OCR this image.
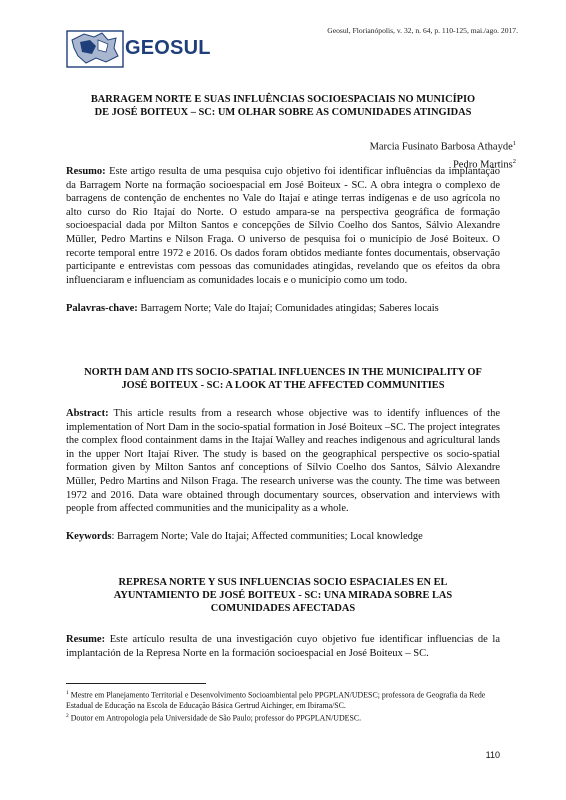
GEOSUL
Geosul, Florianópolis, v. 32, n. 64, p. 110-125, mai./ago. 2017.
BARRAGEM NORTE E SUAS INFLUÊNCIAS SOCIOESPACIAIS NO MUNICÍPIO
DE JOSÉ BOITEUX – SC: UM OLHAR SOBRE AS COMUNIDADES ATINGIDAS
Marcia Fusinato Barbosa Athayde$^1$
Pedro Martins$^2$
Resumo: Este artigo resulta de uma pesquisa cujo objetivo foi identificar influências da implantação da Barragem Norte na formação socioespacial em José Boiteux - SC. A obra integra o complexo de barragens de contenção de enchentes no Vale do Itajaí e atinge terras indígenas e de uso agrícola no alto curso do Rio Itajaí do Norte. O estudo ampara-se na perspectiva geográfica de formação socioespacial dada por Milton Santos e concepções de Sílvio Coelho dos Santos, Sálvio Alexandre Müller, Pedro Martins e Nilson Fraga. O universo de pesquisa foi o município de José Boiteux. O recorte temporal entre 1972 e 2016. Os dados foram obtidos mediante fontes documentais, observação participante e entrevistas com pessoas das comunidades atingidas, revelando que os efeitos da obra influenciaram e influenciam as comunidades locais e o município como um todo.
Palavras-chave: Barragem Norte; Vale do Itajaí; Comunidades atingidas; Saberes locais
NORTH DAM AND ITS SOCIO-SPATIAL INFLUENCES IN THE MUNICIPALITY OF
JOSÉ BOITEUX - SC: A LOOK AT THE AFFECTED COMMUNITIES
Abstract: This article results from a research whose objective was to identify influences of the implementation of Nort Dam in the socio-spatial formation in José Boiteux –SC. The project integrates the complex flood containment dams in the Itajaí Walley and reaches indigenous and agricultural lands in the upper Nort Itajaí River. The study is based on the geographical perspective os socio-spatial formation given by Milton Santos anf conceptions of Sílvio Coelho dos Santos, Sálvio Alexandre Müller, Pedro Martins and Nilson Fraga. The research universe was the county. The time was between 1972 and 2016. Data ware obtained through documentary sources, observation and interviews with people from affected communities and the municipality as a whole.
Keywords: Barragem Norte; Vale do Itajai; Affected communities; Local knowledge
REPRESA NORTE Y SUS INFLUENCIAS SOCIO ESPACIALES EN EL
AYUNTAMIENTO DE JOSÉ BOITEUX - SC: UNA MIRADA SOBRE LAS
COMUNIDADES AFECTADAS
Resume: Este artículo resulta de una investigación cuyo objetivo fue identificar influencias de la implantación de la Represa Norte en la formación socioespacial en José Boiteux – SC.
$^1$ Mestre em Planejamento Territorial e Desenvolvimento Socioambiental pelo PPGPLAN/UDESC; professora de Geografia da Rede Estadual de Educação na Escola de Educação Básica Gertrud Aichinger, em Ibirama/SC.
$^2$ Doutor em Antropologia pela Universidade de São Paulo; professor do PPGPLAN/UDESC.
110
